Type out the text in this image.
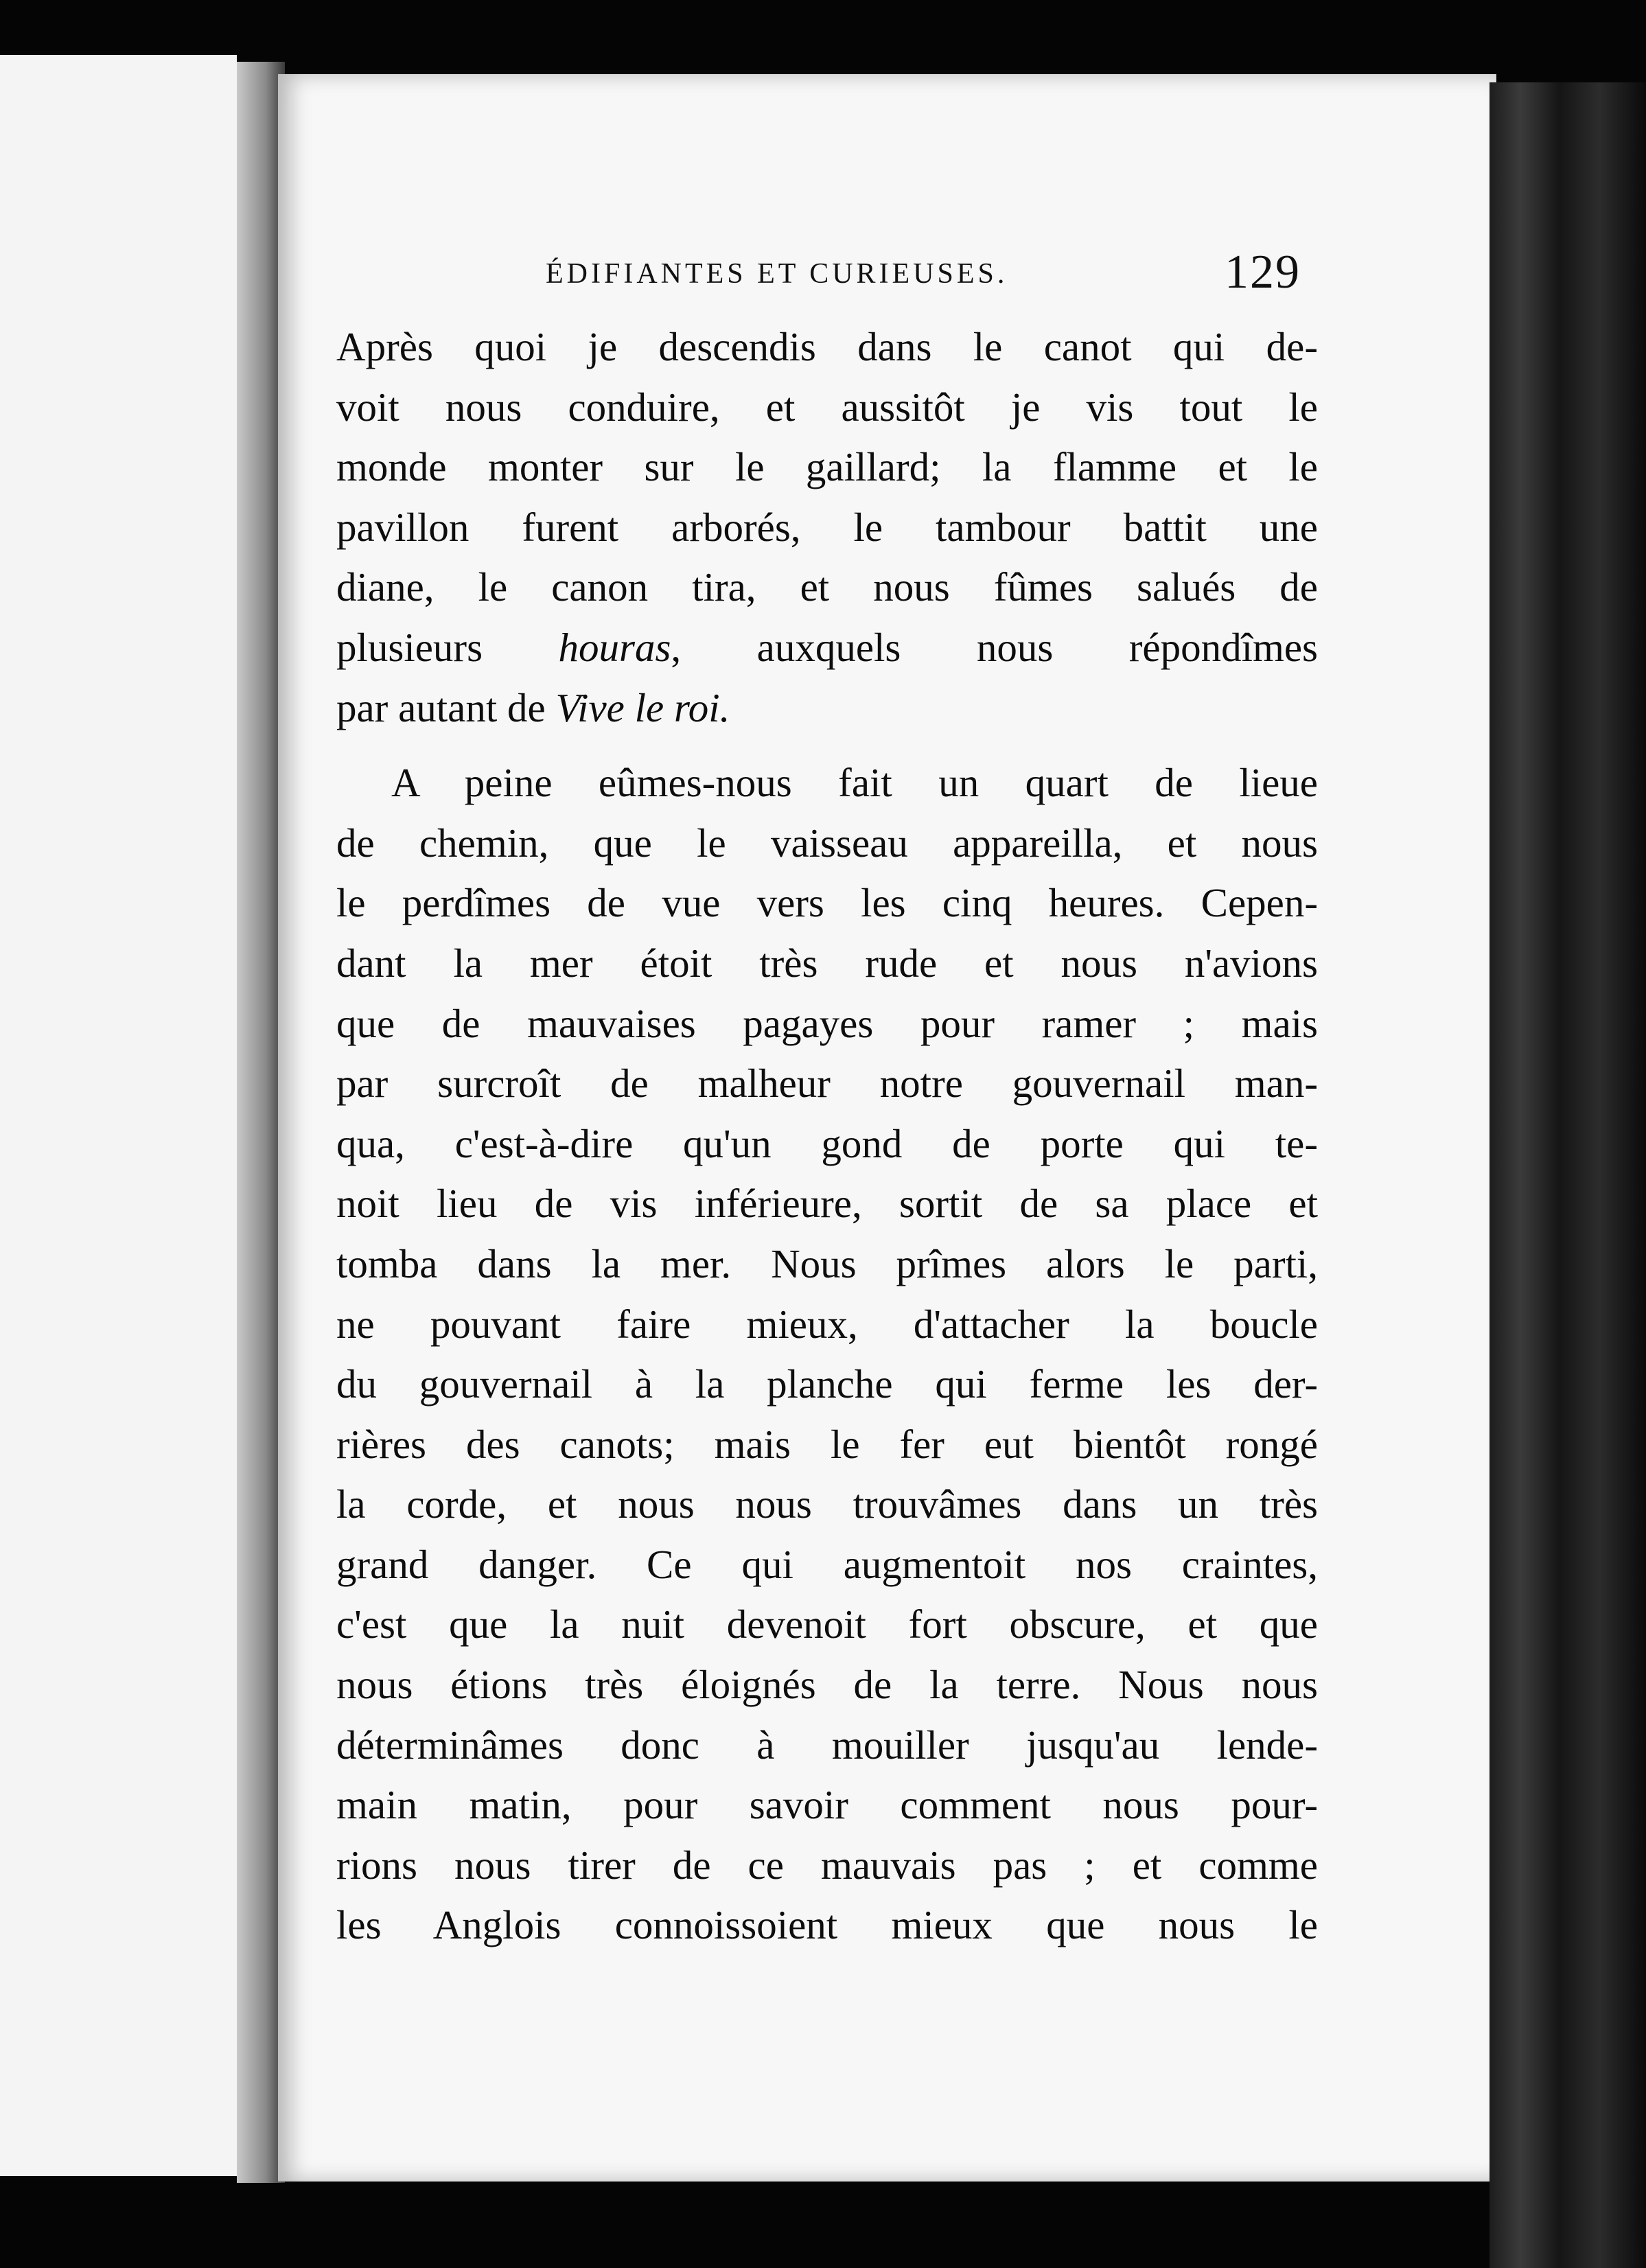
ÉDIFIANTES ET CURIEUSES.	129
Après quoi je descendis dans le canot qui de-
voit nous conduire, et aussitôt je vis tout le
monde monter sur le gaillard; la flamme et le
pavillon furent arborés, le tambour battit une
diane, le canon tira, et nous fûmes salués de
plusieurs houras, auxquels nous répondîmes
par autant de Vive le roi.
A peine eûmes-nous fait un quart de lieue
de chemin, que le vaisseau appareilla, et nous
le perdîmes de vue vers les cinq heures. Cepen-
dant la mer étoit très rude et nous n'avions
que de mauvaises pagayes pour ramer ; mais
par surcroît de malheur notre gouvernail man-
qua, c'est-à-dire qu'un gond de porte qui te-
noit lieu de vis inférieure, sortit de sa place et
tomba dans la mer. Nous prîmes alors le parti,
ne pouvant faire mieux, d'attacher la boucle
du gouvernail à la planche qui ferme les der-
rières des canots; mais le fer eut bientôt rongé
la corde, et nous nous trouvâmes dans un très
grand danger. Ce qui augmentoit nos craintes,
c'est que la nuit devenoit fort obscure, et que
nous étions très éloignés de la terre. Nous nous
déterminâmes donc à mouiller jusqu'au lende-
main matin, pour savoir comment nous pour-
rions nous tirer de ce mauvais pas ; et comme
les Anglois connoissoient mieux que nous le
